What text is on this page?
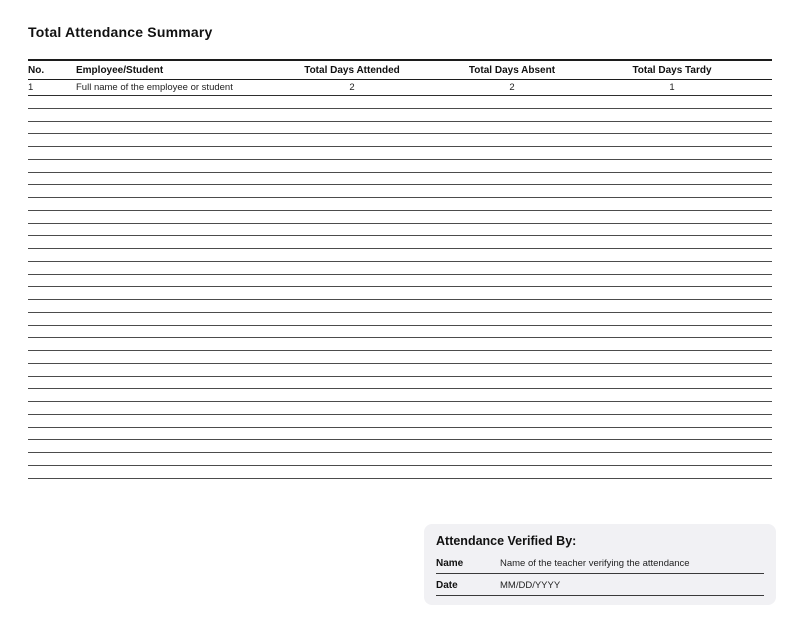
Total Attendance Summary
No.	Employee/Student	Total Days Attended	Total Days Absent	Total Days Tardy
1	Full name of the employee or student	2	2	1
Attendance Verified By:
Name	Name of the teacher verifying the attendance
Date	MM/DD/YYYY
